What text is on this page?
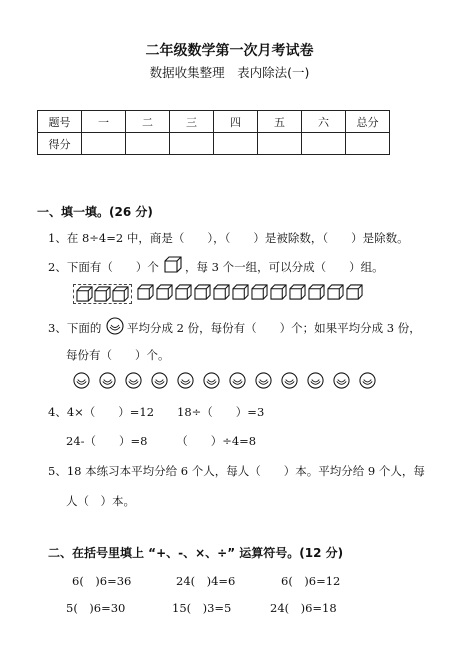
二年级数学第一次月考试卷
数据收集整理　表内除法(一)
题号	一	二	三	四	五	六	总分
得分							
一、填一填。(26 分)
1、在 8÷4=2 中，商是（　　），（　　）是被除数，（　　）是除数。
2、下面有（　　）个 ，每 3 个一组，可以分成（　　）组。
3、下面的 平均分成 2 份，每份有（　　）个；如果平均分成 3 份，
每份有（　　）个。
4、4×（　　）=12　　18÷（　　）=3
24-（　　）=8　　　（　　）÷4=8
5、18 本练习本平均分给 6 个人，每人（　　）本。平均分给 9 个人，每
人（　）本。
二、在括号里填上 “+、-、×、÷” 运算符号。(12 分)
6(　)6=36	24(　)4=6	6(　)6=12
5(　)6=30	15(　)3=5	24(　)6=18
